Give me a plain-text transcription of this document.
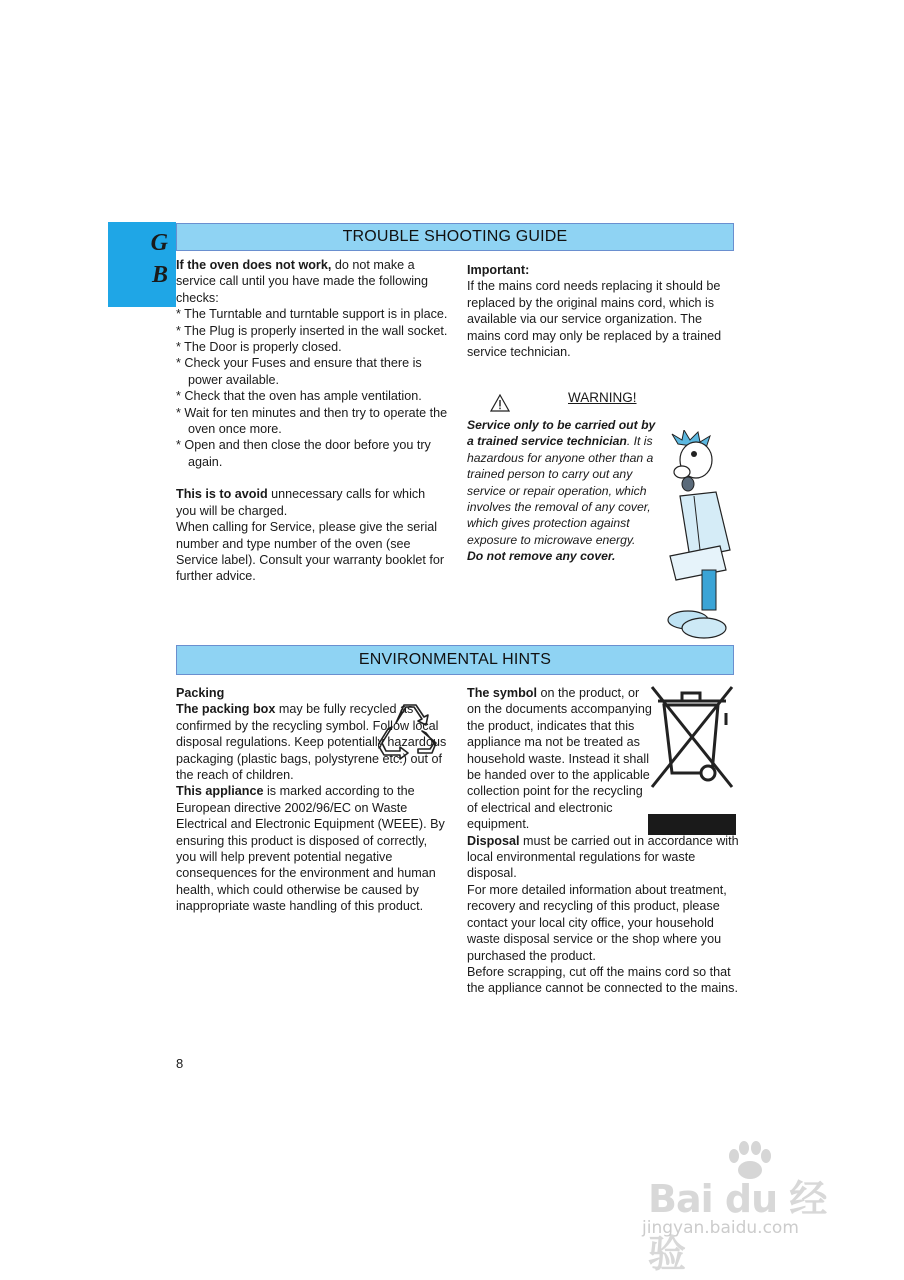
G
B
TROUBLE SHOOTING GUIDE

If the oven does not work, do not make a service call until you have made the following checks:

* The Turntable and turntable support is in place.

* The Plug is properly inserted in the wall socket.

* The Door is properly closed.

* Check your Fuses and ensure that there is power available.

* Check that the oven has ample ventilation.

* Wait for ten minutes and then try to operate the oven once more.

* Open and then close the door before you try again.

This is to avoid unnecessary calls for which you will be charged.

When calling for Service, please give the serial number and type number of the oven (see Service label). Consult your warranty booklet for further advice.

Important:

If the mains cord needs replacing it should be replaced by the original mains cord, which is available via our service organization. The mains cord may only be replaced by a trained service technician.

WARNING!

Service only to be carried out by a trained service technician. It is hazardous for anyone other than a trained person to carry out any service or repair operation, which involves the removal of any cover, which gives protection against exposure to microwave energy.

Do not remove any cover.

ENVIRONMENTAL HINTS

Packing

The packing box may be fully recycled as confirmed by the recycling symbol. Follow local disposal regulations. Keep potentially hazardous packaging (plastic bags, polystyrene etc.) out of the reach of children.

This appliance is marked according to the European directive 2002/96/EC on Waste Electrical and Electronic Equipment (WEEE). By ensuring this product is disposed of correctly, you will help prevent potential negative consequences for the environment and human health, which could otherwise be caused by inappropriate waste handling of this product.

The symbol on the product, or on the documents accompanying the product, indicates that this appliance ma not be treated as household waste. Instead it shall be handed over to the applicable collection point for the recycling of electrical and electronic equipment.

Disposal must be carried out in accordance with local environmental regulations for waste disposal.

For more detailed information about treatment, recovery and recycling of this product, please contact your local city office, your household waste disposal service or the shop where you purchased the product.

Before scrapping, cut off the mains cord so that the appliance cannot be connected to the mains.

8
Bai du 经验
jingyan.baidu.com
